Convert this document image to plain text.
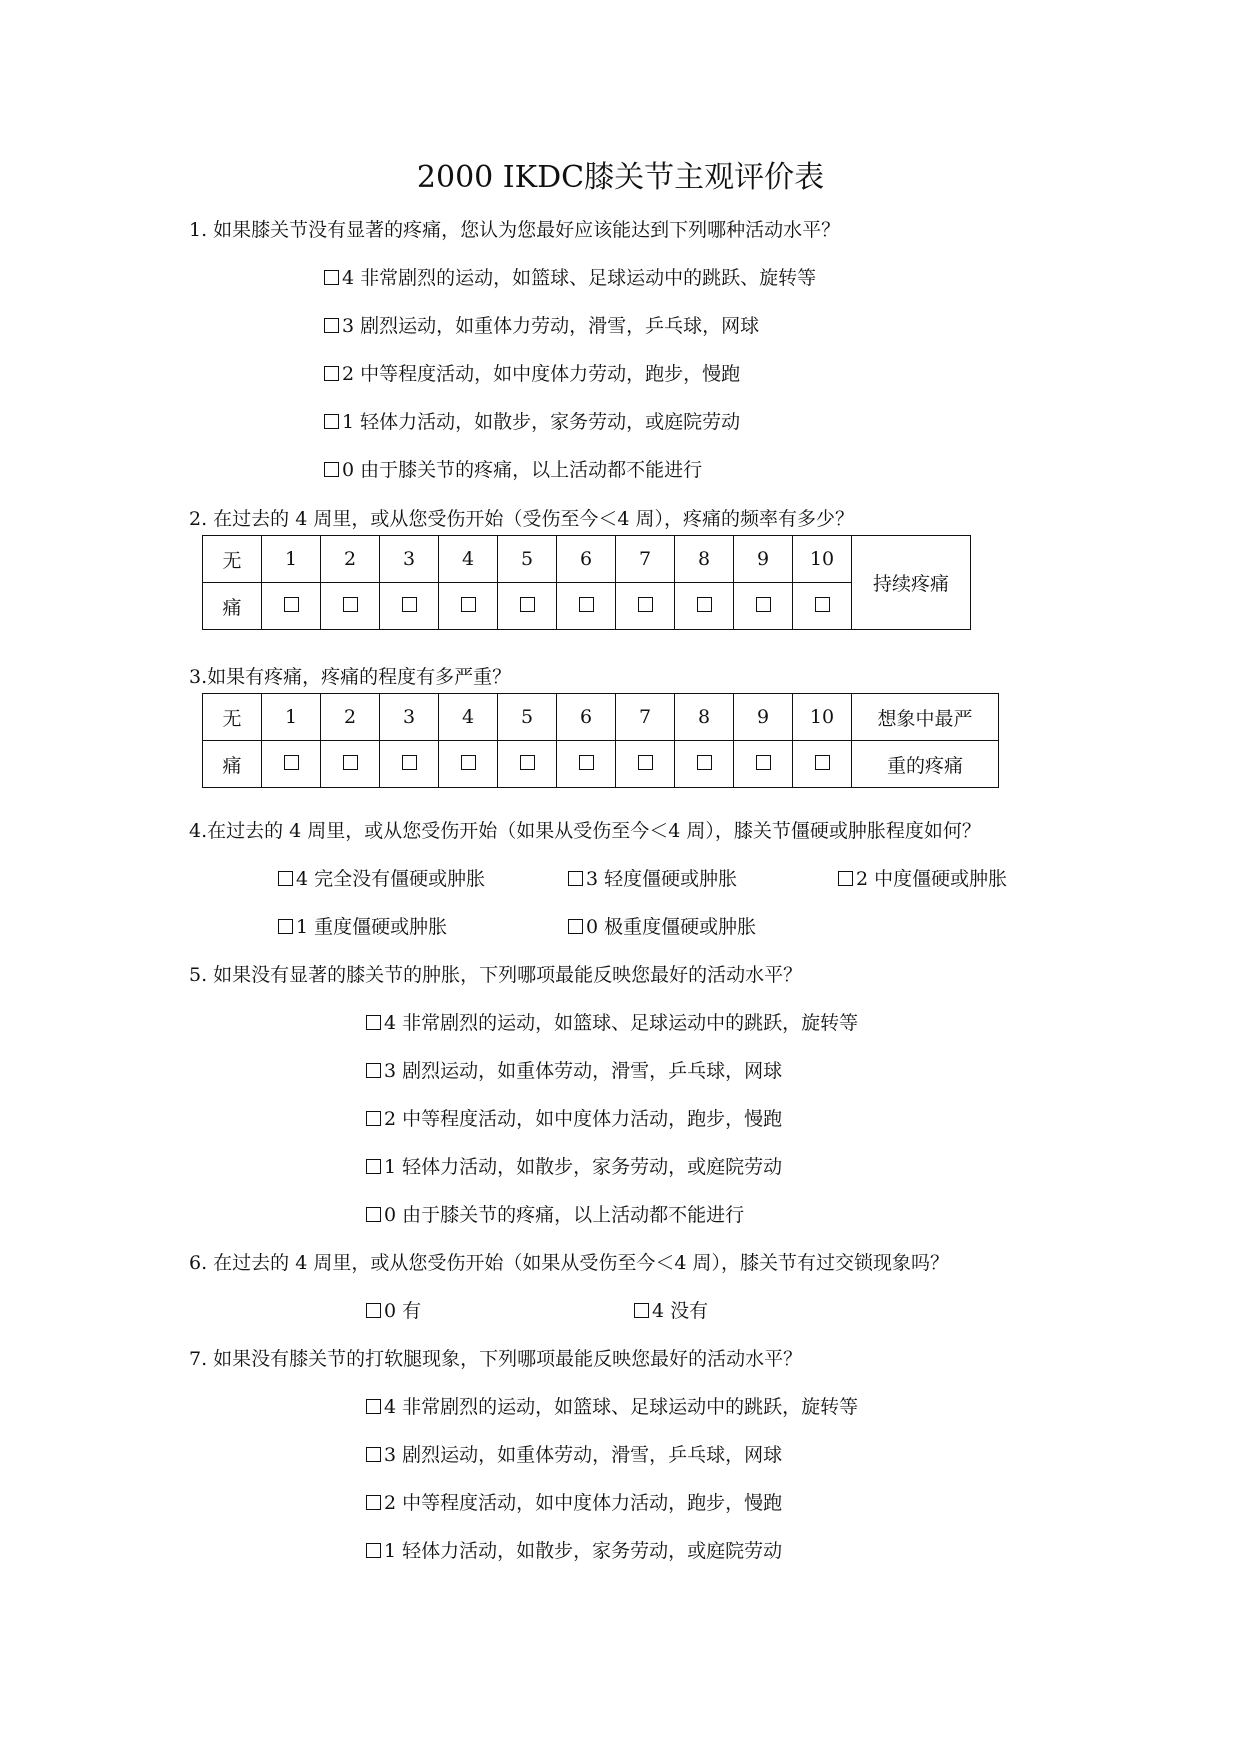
2000 IKDC膝关节主观评价表
1. 如果膝关节没有显著的疼痛，您认为您最好应该能达到下列哪种活动水平？
4 非常剧烈的运动，如篮球、足球运动中的跳跃、旋转等
3 剧烈运动，如重体力劳动，滑雪，乒乓球，网球
2 中等程度活动，如中度体力劳动，跑步，慢跑
1 轻体力活动，如散步，家务劳动，或庭院劳动
0 由于膝关节的疼痛，以上活动都不能进行
2. 在过去的 4 周里，或从您受伤开始（受伤至今＜4 周），疼痛的频率有多少？
无	1	2	3	4	5	6	7	8	9	10	持续疼痛
痛											
3.如果有疼痛，疼痛的程度有多严重？
无	1	2	3	4	5	6	7	8	9	10	想象中最严
痛											重的疼痛
4.在过去的 4 周里，或从您受伤开始（如果从受伤至今＜4 周），膝关节僵硬或肿胀程度如何？
4 完全没有僵硬或肿胀	3 轻度僵硬或肿胀	2 中度僵硬或肿胀
1 重度僵硬或肿胀	0 极重度僵硬或肿胀
5. 如果没有显著的膝关节的肿胀，下列哪项最能反映您最好的活动水平？
4 非常剧烈的运动，如篮球、足球运动中的跳跃，旋转等
3 剧烈运动，如重体劳动，滑雪，乒乓球，网球
2 中等程度活动，如中度体力活动，跑步，慢跑
1 轻体力活动，如散步，家务劳动，或庭院劳动
0 由于膝关节的疼痛，以上活动都不能进行
6. 在过去的 4 周里，或从您受伤开始（如果从受伤至今＜4 周），膝关节有过交锁现象吗？
0 有	4 没有
7. 如果没有膝关节的打软腿现象，下列哪项最能反映您最好的活动水平？
4 非常剧烈的运动，如篮球、足球运动中的跳跃，旋转等
3 剧烈运动，如重体劳动，滑雪，乒乓球，网球
2 中等程度活动，如中度体力活动，跑步，慢跑
1 轻体力活动，如散步，家务劳动，或庭院劳动
